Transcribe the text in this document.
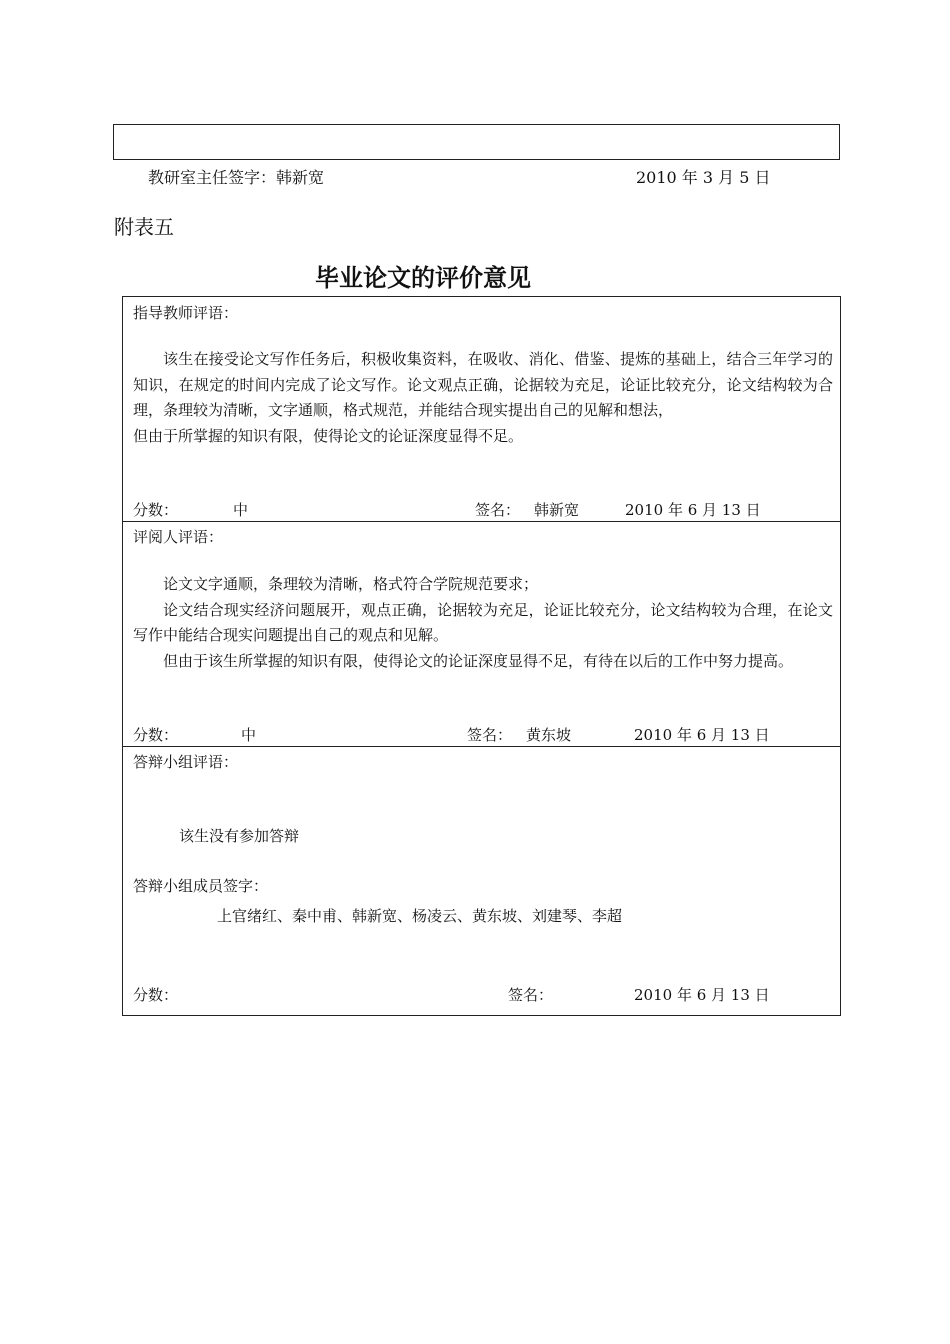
教研室主任签字：韩新宽	2010 年 3 月 5 日
附表五
毕业论文的评价意见
指导教师评语：

该生在接受论文写作任务后，积极收集资料，在吸收、消化、借鉴、提炼的基础上，结合三年学习的知识，在规定的时间内完成了论文写作。论文观点正确，论据较为充足，论证比较充分，论文结构较为合理，条理较为清晰，文字通顺，格式规范，并能结合现实提出自己的见解和想法，

但由于所掌握的知识有限，使得论文的论证深度显得不足。

分数：	中	签名： 韩新宽	2010 年 6 月 13 日
评阅人评语：

论文文字通顺，条理较为清晰，格式符合学院规范要求；

论文结合现实经济问题展开，观点正确，论据较为充足，论证比较充分，论文结构较为合理，在论文写作中能结合现实问题提出自己的观点和见解。

但由于该生所掌握的知识有限，使得论文的论证深度显得不足，有待在以后的工作中努力提高。

分数：	中	签名： 黄东坡	2010 年 6 月 13 日
答辩小组评语：
该生没有参加答辩
答辩小组成员签字：
上官绪红、秦中甫、韩新宽、杨凌云、黄东坡、刘建琴、李超
分数：	签名：	2010 年 6 月 13 日
